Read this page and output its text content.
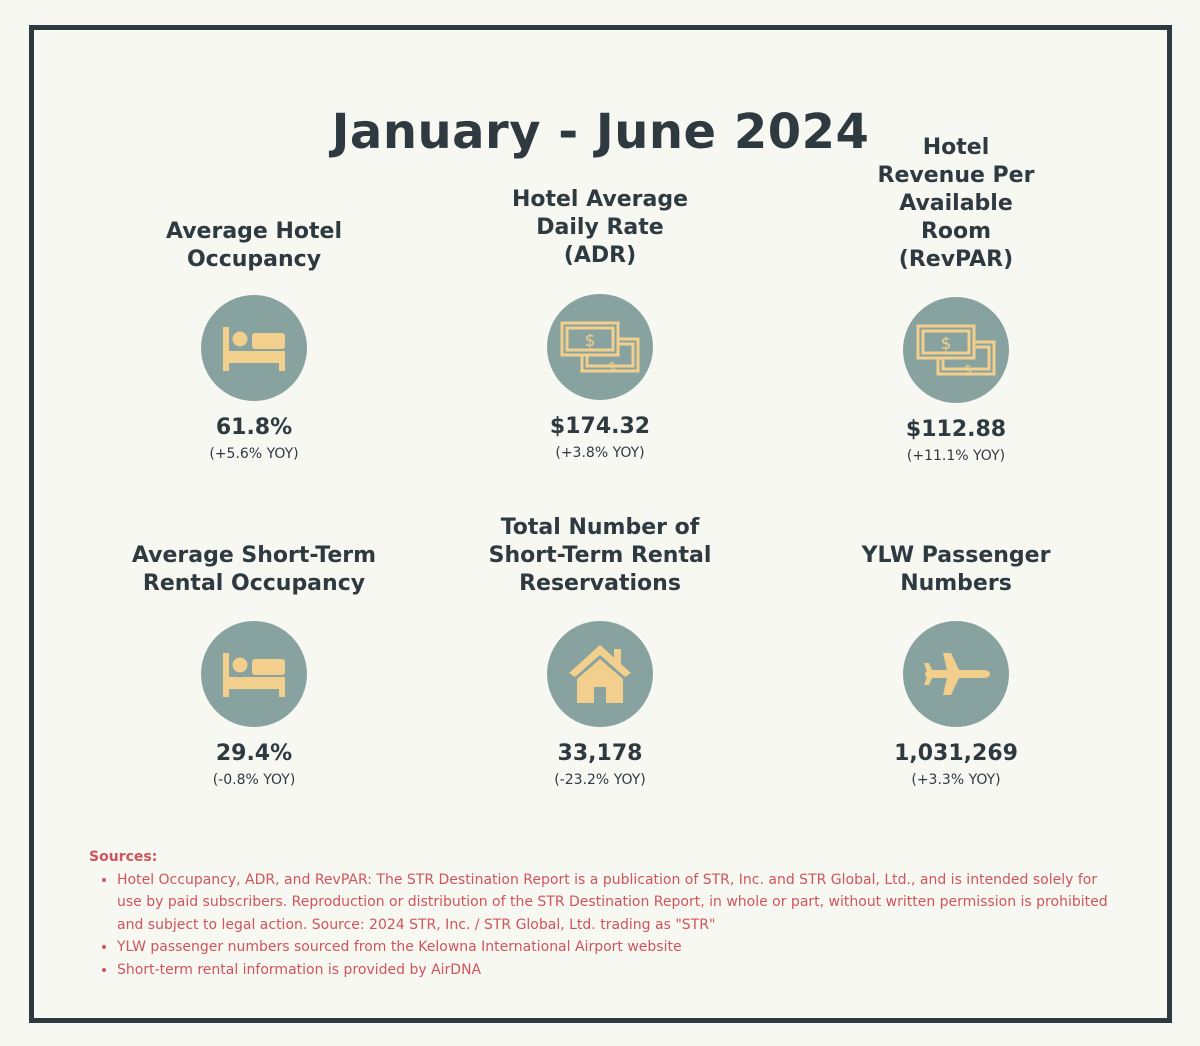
January - June 2024
Average Hotel Occupancy
61.8%
(+5.6% YOY)
Hotel Average Daily Rate (ADR)
$
$
$174.32
(+3.8% YOY)
Hotel Revenue Per Available Room (RevPAR)
$
$
$112.88
(+11.1% YOY)
Average Short-Term Rental Occupancy
29.4%
(-0.8% YOY)
Total Number of Short-Term Rental Reservations
33,178
(-23.2% YOY)
YLW Passenger Numbers
1,031,269
(+3.3% YOY)
Sources:
• Hotel Occupancy, ADR, and RevPAR: The STR Destination Report is a publication of STR, Inc. and STR Global, Ltd., and is intended solely for use by paid subscribers. Reproduction or distribution of the STR Destination Report, in whole or part, without written permission is prohibited and subject to legal action. Source: 2024 STR, Inc. / STR Global, Ltd. trading as "STR"
• YLW passenger numbers sourced from the Kelowna International Airport website
• Short-term rental information is provided by AirDNA
